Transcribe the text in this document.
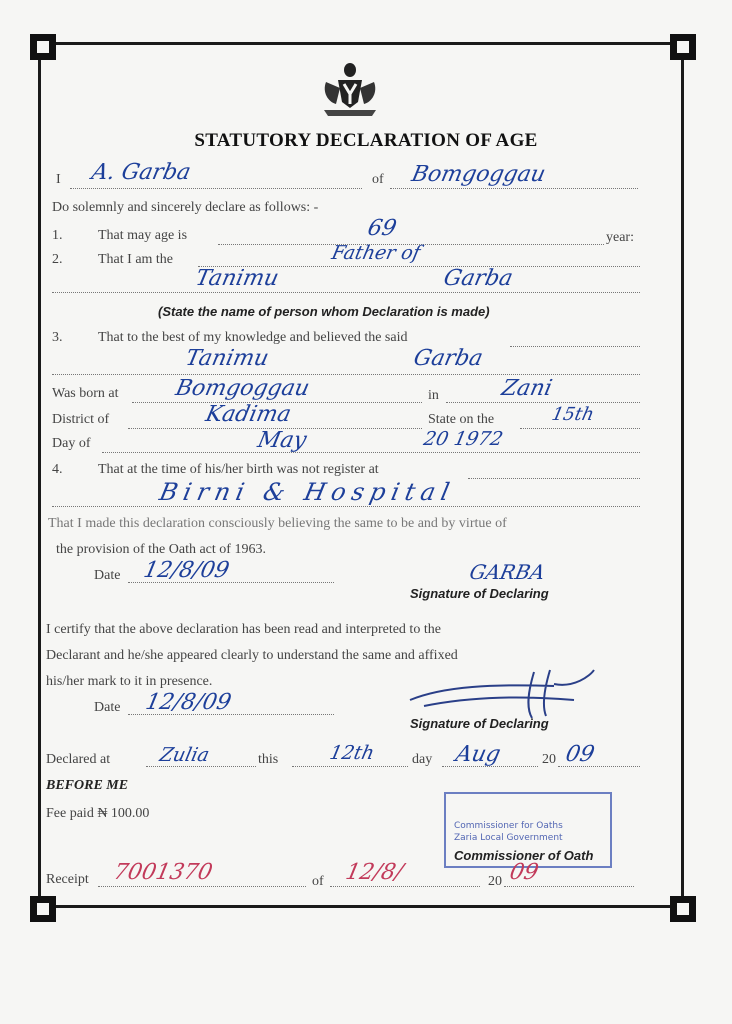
STATUTORY DECLARATION OF AGE
I A. Garba	of Bomgoggau
Do solemnly and sincerely declare as follows: -
1.	That may age is	69	year:
2.	That I am the	Father of
Tanimu	Garba
(State the name of person whom Declaration is made)
3.	That to the best of my knowledge and believed the said
Tanimu	Garba
Was born at Bomgoggau	in	Zani
District of	Kadima	State on the	15th
Day of	May	20 1972
4.	That at the time of his/her birth was not register at
Birni & Hospital
That I made this declaration consciously believing the same to be and by virtue of
the provision of the Oath act of 1963.
Date 12/8/09	GARBA
Signature of Declaring
I certify that the above declaration has been read and interpreted to the
Declarant and he/she appeared clearly to understand the same and affixed
his/her mark to it in presence.
Date 12/8/09
Signature of Declaring
Declared at	Zulia	this	12th	day Aug	20 09
BEFORE ME
Fee paid ₦ 100.00
Commissioner for Oaths
Zaria Local Government
Commissioner of Oath
Receipt 7001370	of 12/8/	20 09
